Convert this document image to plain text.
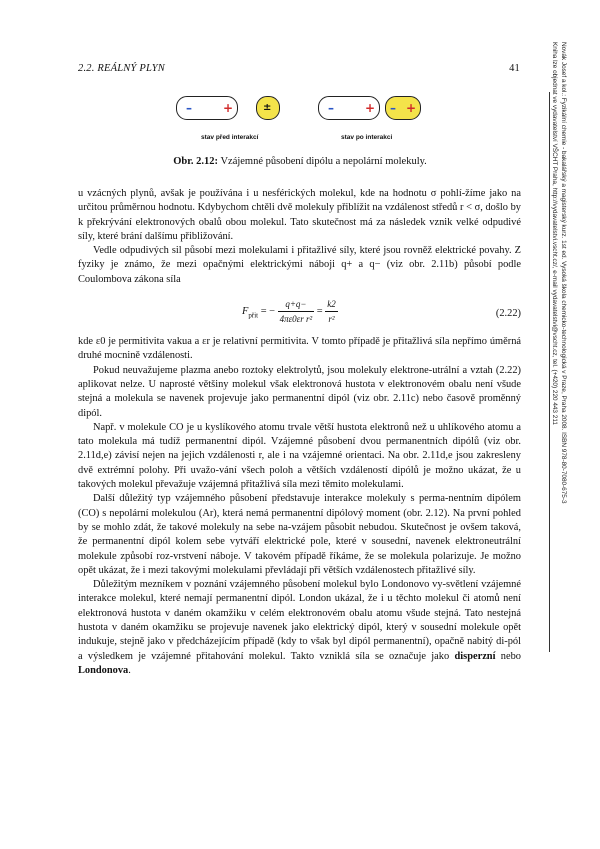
2.2. REÁLNÝ PLYN	41
–	+	±
stav před interakcí
–	+ – +
stav po interakci
Obr. 2.12: Vzájemné působení dipólu a nepolární molekuly.

u vzácných plynů, avšak je používána i u nesférických molekul, kde na hodnotu σ pohlí-žíme jako na určitou průměrnou hodnotu. Kdybychom chtěli dvě molekuly přiblížit na vzdálenost středů r < σ, došlo by k překrývání elektronových obalů obou molekul. Tato skutečnost má za následek vznik velké odpudivé síly, které brání dalšímu přibližování.

Vedle odpudivých sil působí mezi molekulami i přitažlivé síly, které jsou rovněž elektrické povahy. Z fyziky je známo, že mezi opačnými elektrickými náboji q+ a q− (viz obr. 2.11b) působí podle Coulombova zákona síla

$F_{přit}$ = − $\frac{q+q-}{\text{4πε0εr r²}} = \frac{k2}{\text{r²}}$	(2.22)

kde ε0 je permitivita vakua a εr je relativní permitivita. V tomto případě je přitažlivá síla nepřímo úměrná druhé mocnině vzdálenosti.

Pokud neuvažujeme plazma anebo roztoky elektrolytů, jsou molekuly elektrone-utrální a vztah (2.22) aplikovat nelze. U naprosté většiny molekul však elektronová hustota v elektronovém obalu není všude stejná a molekula se navenek projevuje jako permanentní dipól (viz obr. 2.11c) nebo časově proměnný dipól.

Např. v molekule CO je u kyslíkového atomu trvale větší hustota elektronů než u uhlíkového atomu a tato molekula má tudíž permanentní dipól. Vzájemné působení dvou permanentních dipólů (viz obr. 2.11d,e) závisí nejen na jejich vzdálenosti r, ale i na vzájemné orientaci. Na obr. 2.11d,e jsou zakresleny dvě extrémní polohy. Při uvažo-vání všech poloh a větších vzdáleností dipólů je možno ukázat, že u takových molekul převažuje vzájemná přitažlivá síla mezi těmito molekulami.

Další důležitý typ vzájemného působení představuje interakce molekuly s perma-nentním dipólem (CO) s nepolární molekulou (Ar), která nemá permanentní dipólový moment (obr. 2.12). Na první pohled by se mohlo zdát, že takové molekuly na sebe na-vzájem působit nebudou. Skutečnost je ovšem taková, že permanentní dipól kolem sebe vytváří elektrické pole, které v sousední, navenek elektroneutrální molekule způsobí roz-vrstvení náboje. V takovém případě říkáme, že se molekula polarizuje. Je možno opět ukázat, že i mezi takovými molekulami převládají při větších vzdálenostech přitažlivé síly.

Důležitým mezníkem v poznání vzájemného působení molekul bylo Londonovo vy-světlení vzájemné interakce molekul, které nemají permanentní dipól. London ukázal, že i u těchto molekul či atomů není elektronová hustota v daném okamžiku v celém elektronovém obalu atomu všude stejná. Tato nestejná hustota v daném okamžiku se projevuje navenek jako elektrický dipól, který v sousední molekule opět indukuje, stejně jako v předcházejícím případě (kdy to však byl dipól permanentní), opačně nabitý di-pól a výsledkem je vzájemné přitahování molekul. Takto vzniklá síla se označuje jako disperzní nebo Londonova.

Novák Josef a kol.: Fyzikální chemie - bakalářský a magisterský kurz. 1st ed. Vysoká škola chemicko-technologická v Praze, Praha 2008. ISBN 978-80-7080-675-3
Kniha lze objednat ve vydavatelství VŠCHT Praha, http://vydavatelstvi.vscht.cz/, e-mail vydavatelstvi@vscht.cz, tel. (+420) 220 443 211
